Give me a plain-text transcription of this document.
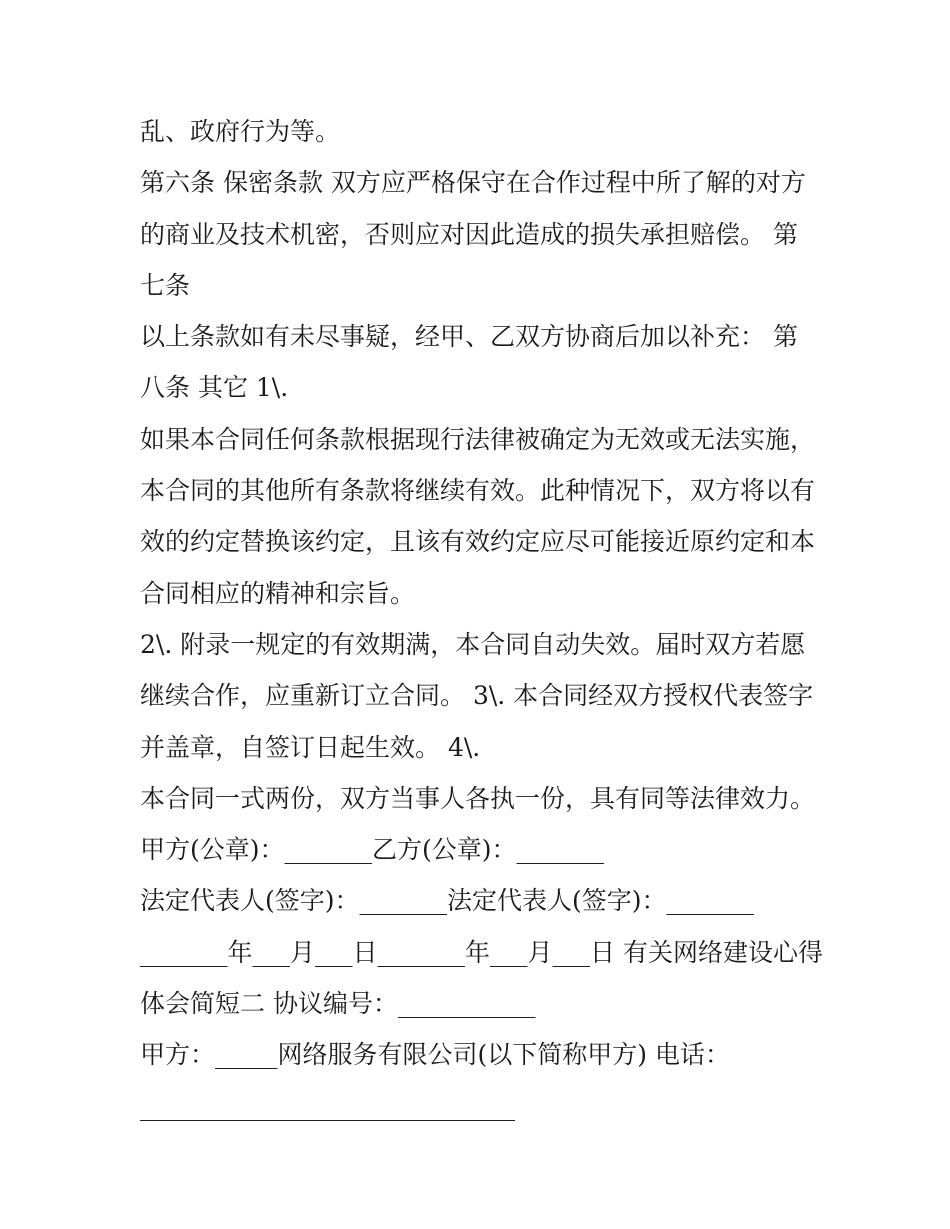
乱、政府行为等。

第六条 保密条款 双方应严格保守在合作过程中所了解的对方

的商业及技术机密，否则应对因此造成的损失承担赔偿。 第

七条

以上条款如有未尽事疑，经甲、乙双方协商后加以补充： 第

八条 其它 1\.

如果本合同任何条款根据现行法律被确定为无效或无法实施，

本合同的其他所有条款将继续有效。此种情况下，双方将以有

效的约定替换该约定，且该有效约定应尽可能接近原约定和本

合同相应的精神和宗旨。

2\. 附录一规定的有效期满，本合同自动失效。届时双方若愿

继续合作，应重新订立合同。 3\. 本合同经双方授权代表签字

并盖章，自签订日起生效。 4\.

本合同一式两份，双方当事人各执一份，具有同等法律效力。

甲方(公章)：_______乙方(公章)：_______

法定代表人(签字)：_______法定代表人(签字)：_______

_______年___月___日_______年___月___日 有关网络建设心得

体会简短二 协议编号：___________

甲方：_____网络服务有限公司(以下简称甲方) 电话：

______________________________
